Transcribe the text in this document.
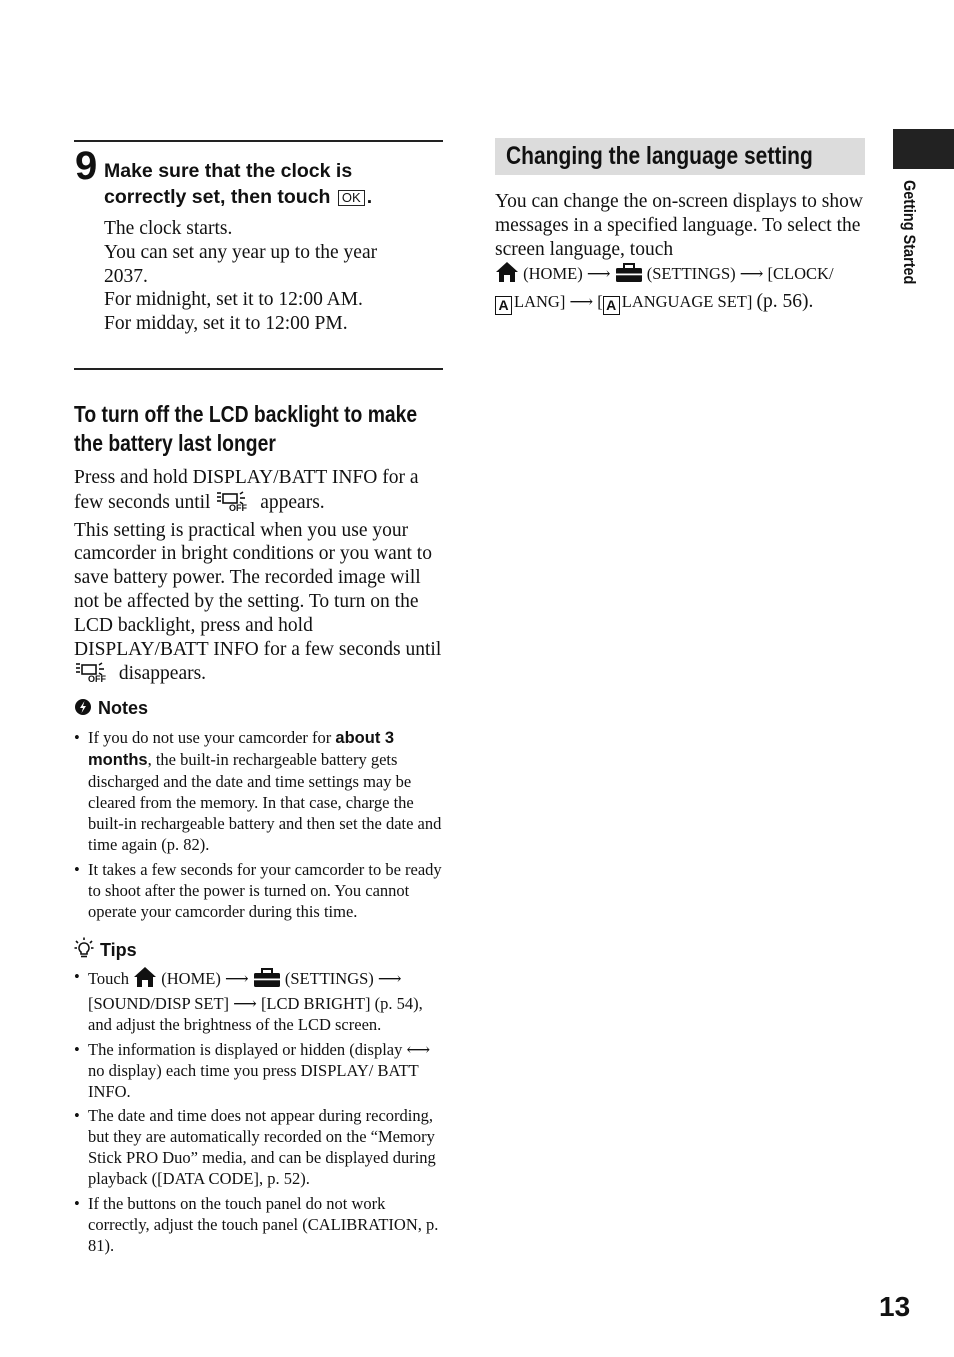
9 Make sure that the clock is
correctly set, then touch OK .
The clock starts.
You can set any year up to the year 2037.
For midnight, set it to 12:00 AM.
For midday, set it to 12:00 PM.
To turn off the LCD backlight to make
the battery last longer
Press and hold DISPLAY/BATT INFO for a few seconds until OFF appears.
This setting is practical when you use your camcorder in bright conditions or you want to save battery power. The recorded image will not be affected by the setting. To turn on the LCD backlight, press and hold DISPLAY/BATT INFO for a few seconds until
OFF disappears.
Notes
• If you do not use your camcorder for about 3 months, the built-in rechargeable battery gets discharged and the date and time settings may be cleared from the memory. In that case, charge the built-in rechargeable battery and then set the date and time again (p. 82).
• It takes a few seconds for your camcorder to be ready to shoot after the power is turned on. You cannot operate your camcorder during this time.
Tips
• Touch (HOME) ⟶ (SETTINGS) ⟶ [SOUND/DISP SET] ⟶ [LCD BRIGHT] (p. 54), and adjust the brightness of the LCD screen.
• The information is displayed or hidden (display ⟷ no display) each time you press DISPLAY/ BATT INFO.
• The date and time does not appear during recording, but they are automatically recorded on the “Memory Stick PRO Duo” media, and can be displayed during playback ([DATA CODE], p. 52).
• If the buttons on the touch panel do not work correctly, adjust the touch panel (CALIBRATION, p. 81).
Changing the language setting
You can change the on-screen displays to show messages in a specified language. To select the screen language, touch
(HOME) ⟶ (SETTINGS) ⟶ [CLOCK/
A LANG] ⟶ [ A LANGUAGE SET] (p. 56).
Getting Started
13
